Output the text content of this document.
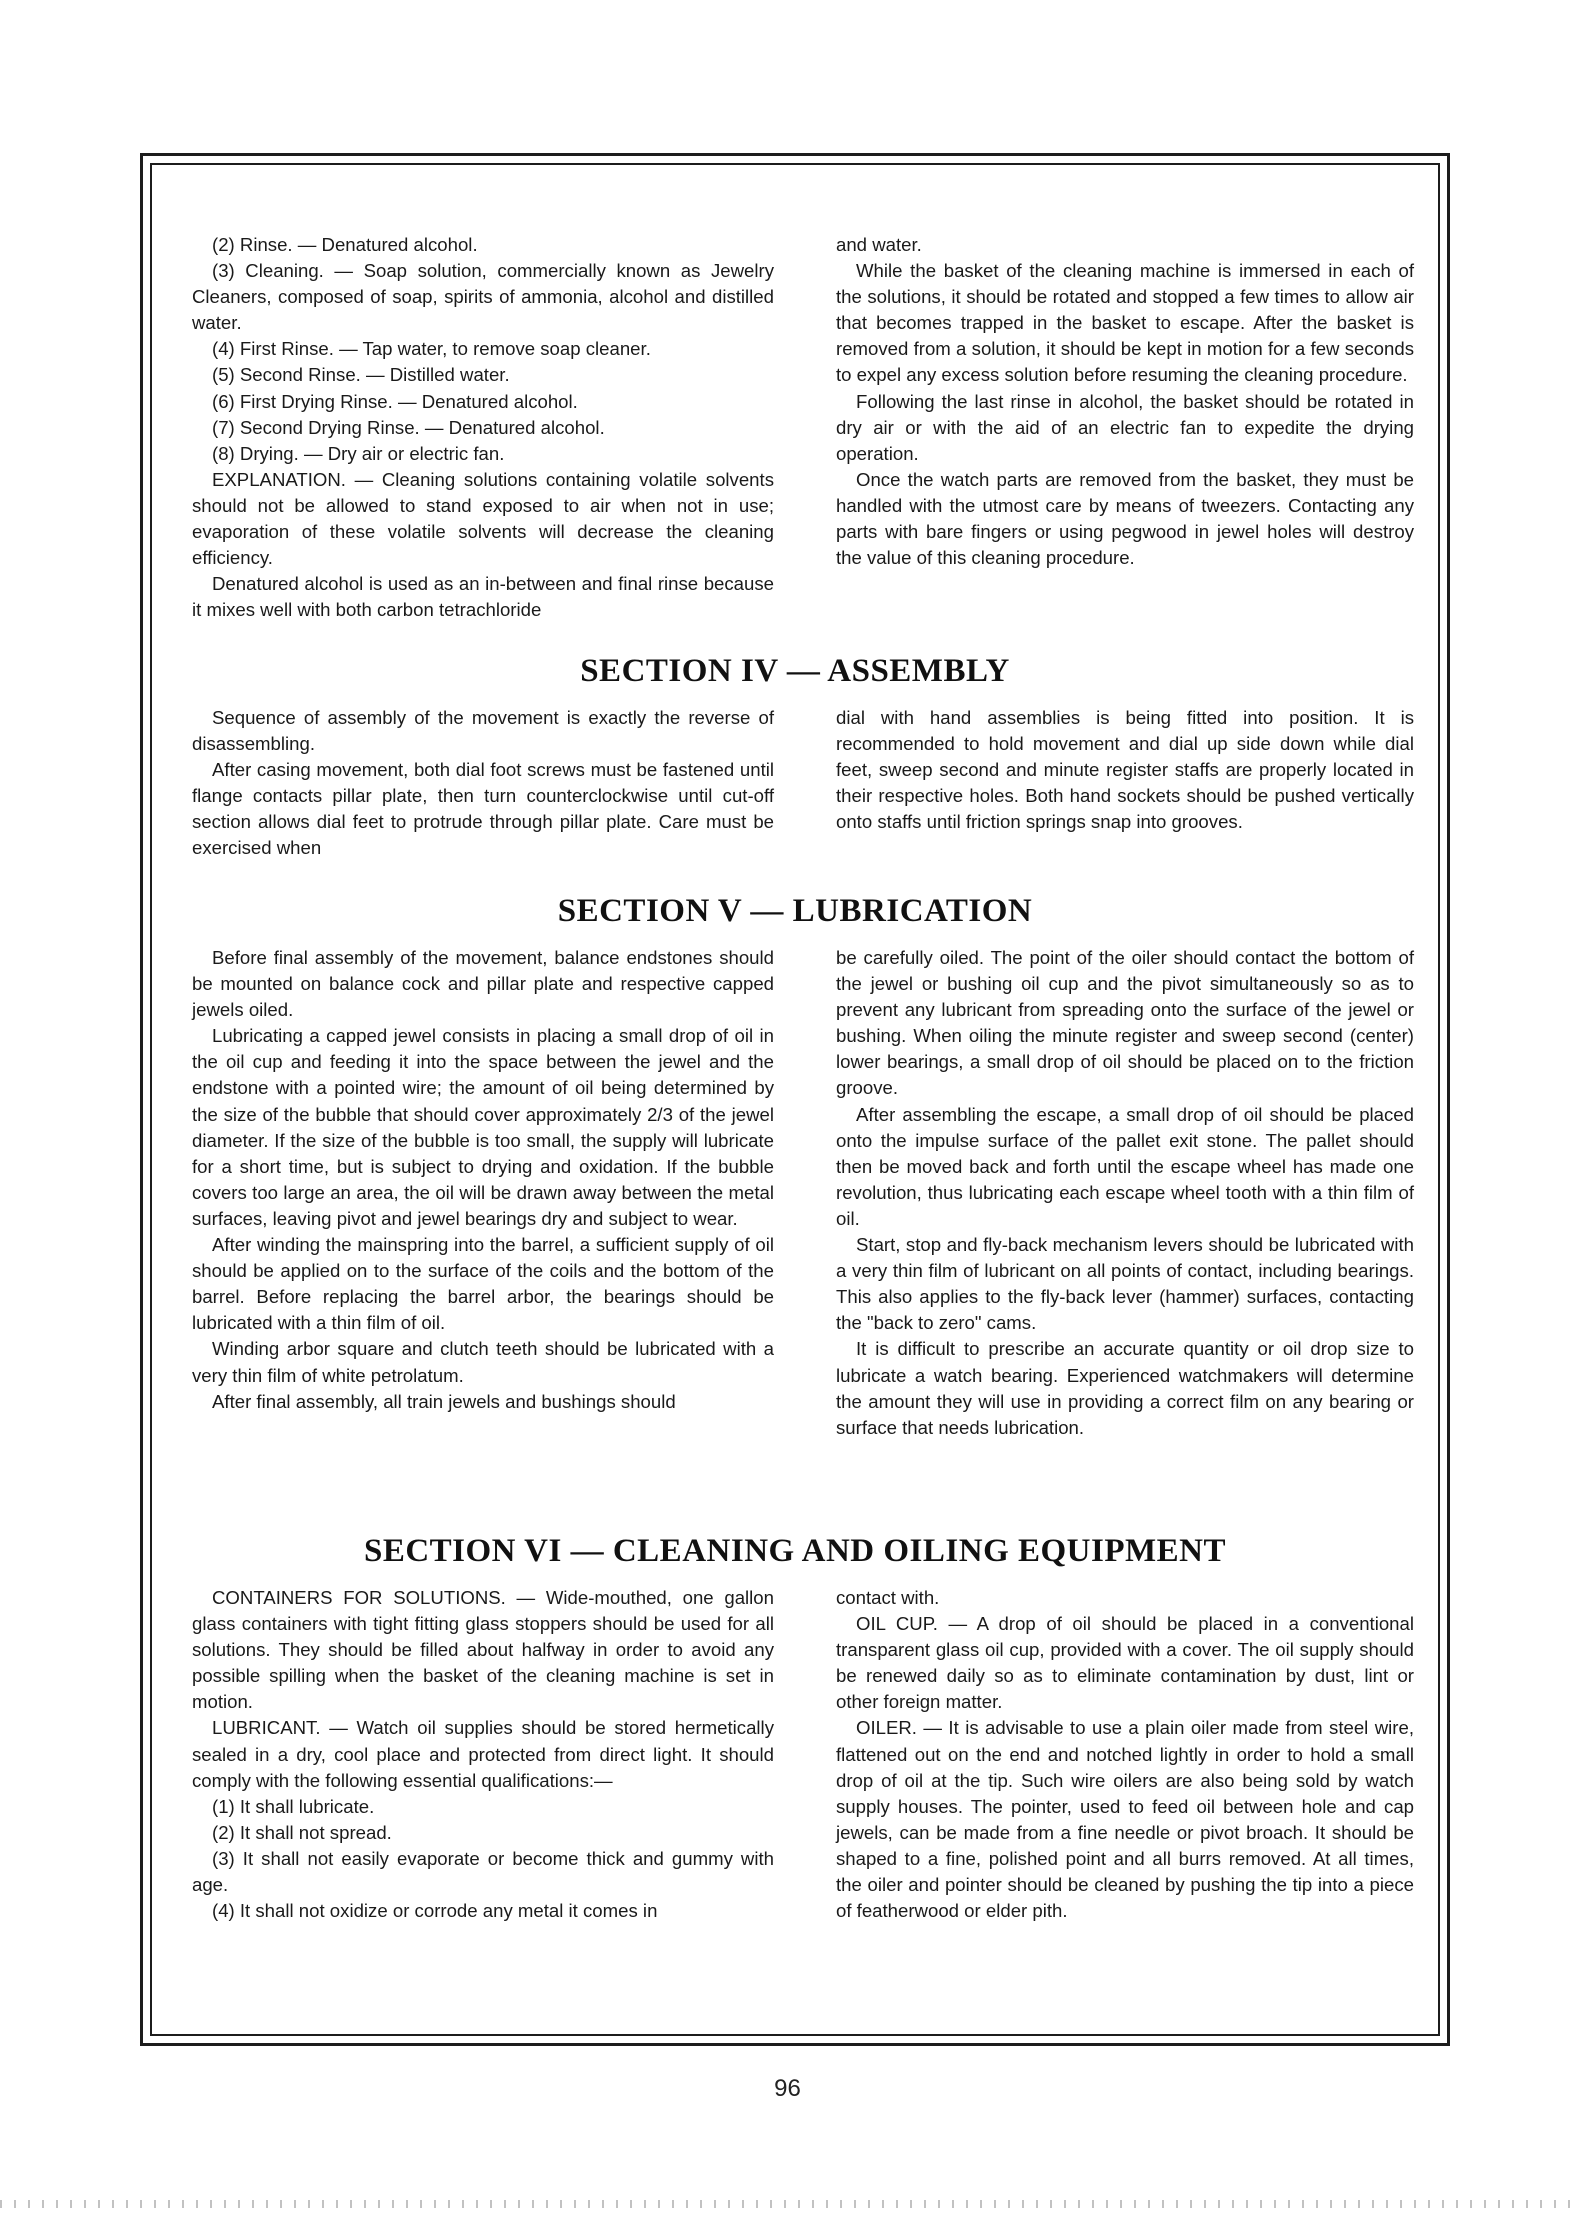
(2) Rinse. — Denatured alcohol.

(3) Cleaning. — Soap solution, commercially known as Jewelry Cleaners, composed of soap, spirits of ammonia, alcohol and distilled water.

(4) First Rinse. — Tap water, to remove soap cleaner.

(5) Second Rinse. — Distilled water.

(6) First Drying Rinse. — Denatured alcohol.

(7) Second Drying Rinse. — Denatured alcohol.

(8) Drying. — Dry air or electric fan.

EXPLANATION. — Cleaning solutions containing volatile solvents should not be allowed to stand exposed to air when not in use; evaporation of these volatile solvents will decrease the cleaning efficiency.

Denatured alcohol is used as an in-between and final rinse because it mixes well with both carbon tetrachloride

and water.

While the basket of the cleaning machine is immersed in each of the solutions, it should be rotated and stopped a few times to allow air that becomes trapped in the basket to escape. After the basket is removed from a solution, it should be kept in motion for a few seconds to expel any excess solution before resuming the cleaning procedure.

Following the last rinse in alcohol, the basket should be rotated in dry air or with the aid of an electric fan to expedite the drying operation.

Once the watch parts are removed from the basket, they must be handled with the utmost care by means of tweezers. Contacting any parts with bare fingers or using pegwood in jewel holes will destroy the value of this cleaning procedure.

SECTION IV — ASSEMBLY

Sequence of assembly of the movement is exactly the reverse of disassembling.

After casing movement, both dial foot screws must be fastened until flange contacts pillar plate, then turn counterclockwise until cut-off section allows dial feet to protrude through pillar plate. Care must be exercised when

dial with hand assemblies is being fitted into position. It is recommended to hold movement and dial up side down while dial feet, sweep second and minute register staffs are properly located in their respective holes. Both hand sockets should be pushed vertically onto staffs until friction springs snap into grooves.

SECTION V — LUBRICATION

Before final assembly of the movement, balance endstones should be mounted on balance cock and pillar plate and respective capped jewels oiled.

Lubricating a capped jewel consists in placing a small drop of oil in the oil cup and feeding it into the space between the jewel and the endstone with a pointed wire; the amount of oil being determined by the size of the bubble that should cover approximately 2/3 of the jewel diameter. If the size of the bubble is too small, the supply will lubricate for a short time, but is subject to drying and oxidation. If the bubble covers too large an area, the oil will be drawn away between the metal surfaces, leaving pivot and jewel bearings dry and subject to wear.

After winding the mainspring into the barrel, a sufficient supply of oil should be applied on to the surface of the coils and the bottom of the barrel. Before replacing the barrel arbor, the bearings should be lubricated with a thin film of oil.

Winding arbor square and clutch teeth should be lubricated with a very thin film of white petrolatum.

After final assembly, all train jewels and bushings should

be carefully oiled. The point of the oiler should contact the bottom of the jewel or bushing oil cup and the pivot simultaneously so as to prevent any lubricant from spreading onto the surface of the jewel or bushing. When oiling the minute register and sweep second (center) lower bearings, a small drop of oil should be placed on to the friction groove.

After assembling the escape, a small drop of oil should be placed onto the impulse surface of the pallet exit stone. The pallet should then be moved back and forth until the escape wheel has made one revolution, thus lubricating each escape wheel tooth with a thin film of oil.

Start, stop and fly-back mechanism levers should be lubricated with a very thin film of lubricant on all points of contact, including bearings. This also applies to the fly-back lever (hammer) surfaces, contacting the "back to zero" cams.

It is difficult to prescribe an accurate quantity or oil drop size to lubricate a watch bearing. Experienced watchmakers will determine the amount they will use in providing a correct film on any bearing or surface that needs lubrication.

SECTION VI — CLEANING AND OILING EQUIPMENT

CONTAINERS FOR SOLUTIONS. — Wide-mouthed, one gallon glass containers with tight fitting glass stoppers should be used for all solutions. They should be filled about halfway in order to avoid any possible spilling when the basket of the cleaning machine is set in motion.

LUBRICANT. — Watch oil supplies should be stored hermetically sealed in a dry, cool place and protected from direct light. It should comply with the following essential qualifications:—

(1) It shall lubricate.

(2) It shall not spread.

(3) It shall not easily evaporate or become thick and gummy with age.

(4) It shall not oxidize or corrode any metal it comes in

contact with.

OIL CUP. — A drop of oil should be placed in a conventional transparent glass oil cup, provided with a cover. The oil supply should be renewed daily so as to eliminate contamination by dust, lint or other foreign matter.

OILER. — It is advisable to use a plain oiler made from steel wire, flattened out on the end and notched lightly in order to hold a small drop of oil at the tip. Such wire oilers are also being sold by watch supply houses. The pointer, used to feed oil between hole and cap jewels, can be made from a fine needle or pivot broach. It should be shaped to a fine, polished point and all burrs removed. At all times, the oiler and pointer should be cleaned by pushing the tip into a piece of featherwood or elder pith.

96
